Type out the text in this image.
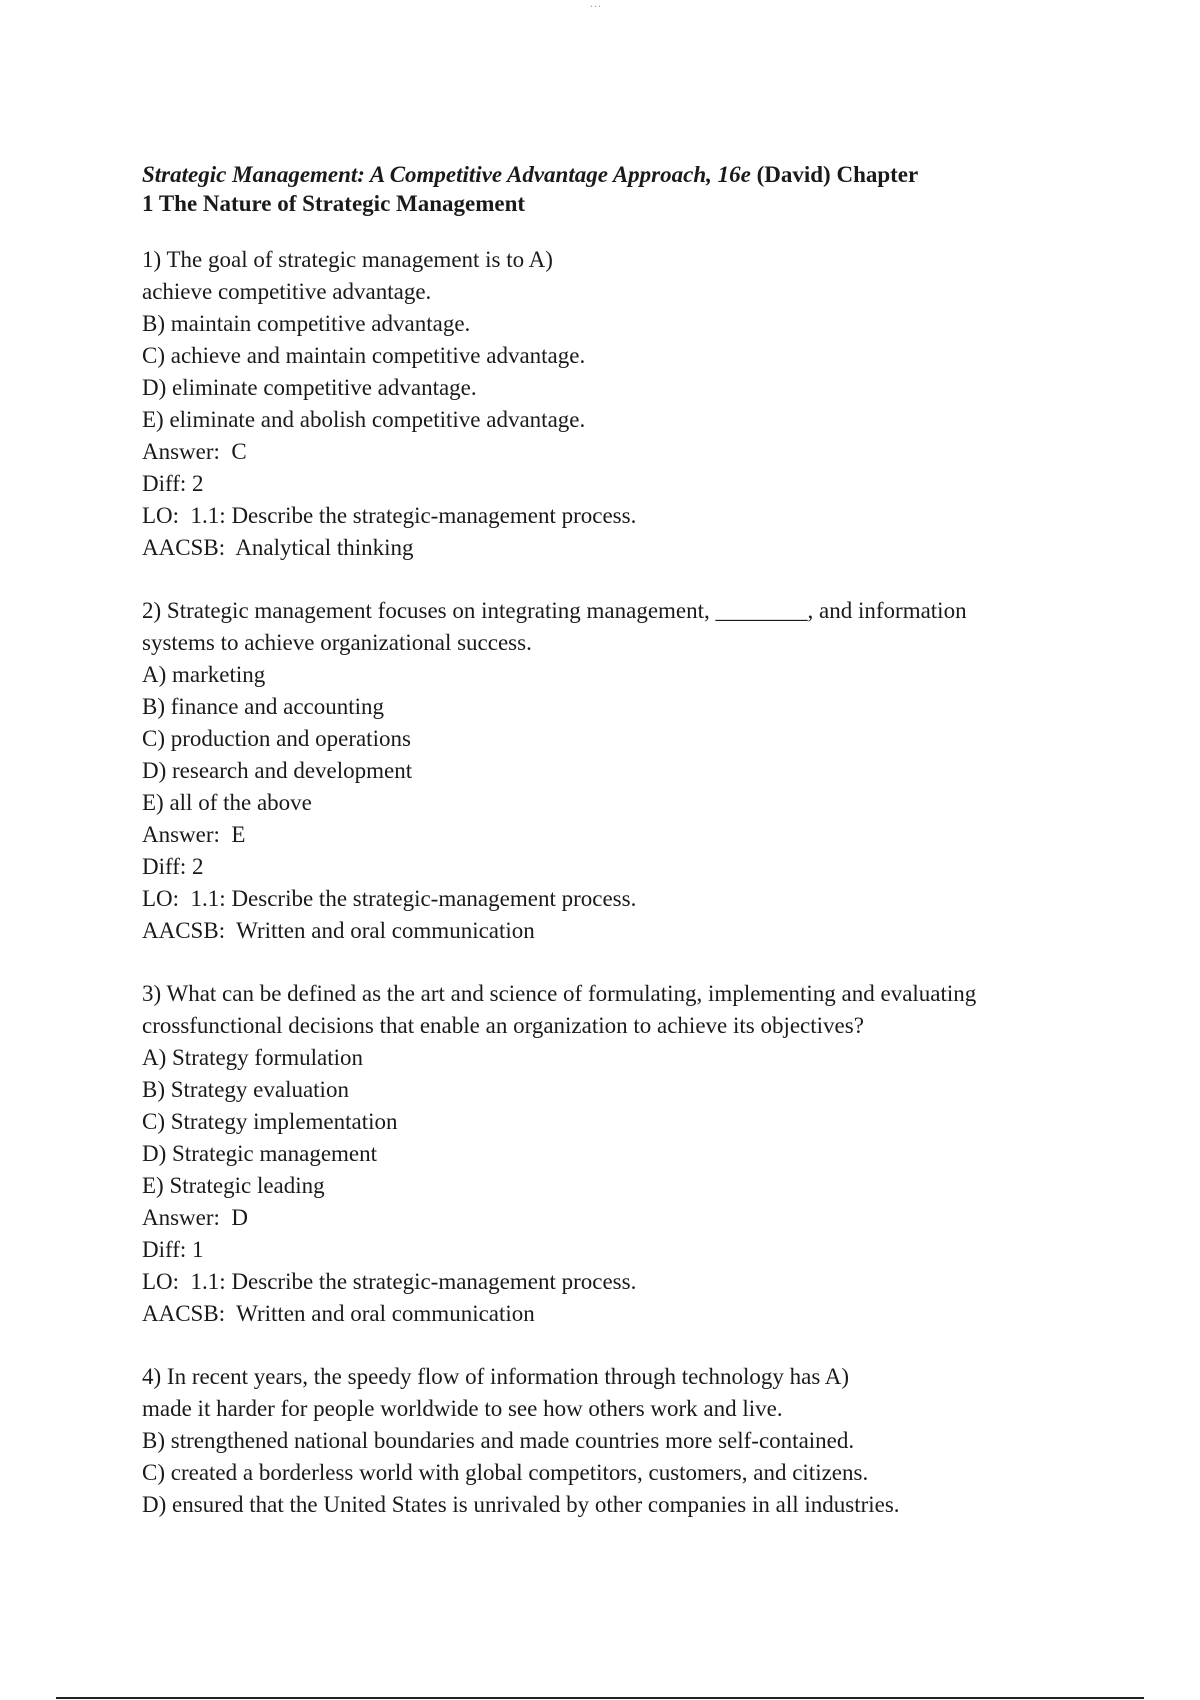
...
Strategic Management: A Competitive Advantage Approach, 16e (David) Chapter
1 The Nature of Strategic Management
1) The goal of strategic management is to A)
achieve competitive advantage.
B) maintain competitive advantage.
C) achieve and maintain competitive advantage.
D) eliminate competitive advantage.
E) eliminate and abolish competitive advantage.
Answer:  C
Diff: 2
LO:  1.1: Describe the strategic-management process.
AACSB:  Analytical thinking
2) Strategic management focuses on integrating management, ________, and information
systems to achieve organizational success.
A) marketing
B) finance and accounting
C) production and operations
D) research and development
E) all of the above
Answer:  E
Diff: 2
LO:  1.1: Describe the strategic-management process.
AACSB:  Written and oral communication
3) What can be defined as the art and science of formulating, implementing and evaluating
crossfunctional decisions that enable an organization to achieve its objectives?
A) Strategy formulation
B) Strategy evaluation
C) Strategy implementation
D) Strategic management
E) Strategic leading
Answer:  D
Diff: 1
LO:  1.1: Describe the strategic-management process.
AACSB:  Written and oral communication
4) In recent years, the speedy flow of information through technology has A)
made it harder for people worldwide to see how others work and live.
B) strengthened national boundaries and made countries more self-contained.
C) created a borderless world with global competitors, customers, and citizens.
D) ensured that the United States is unrivaled by other companies in all industries.
